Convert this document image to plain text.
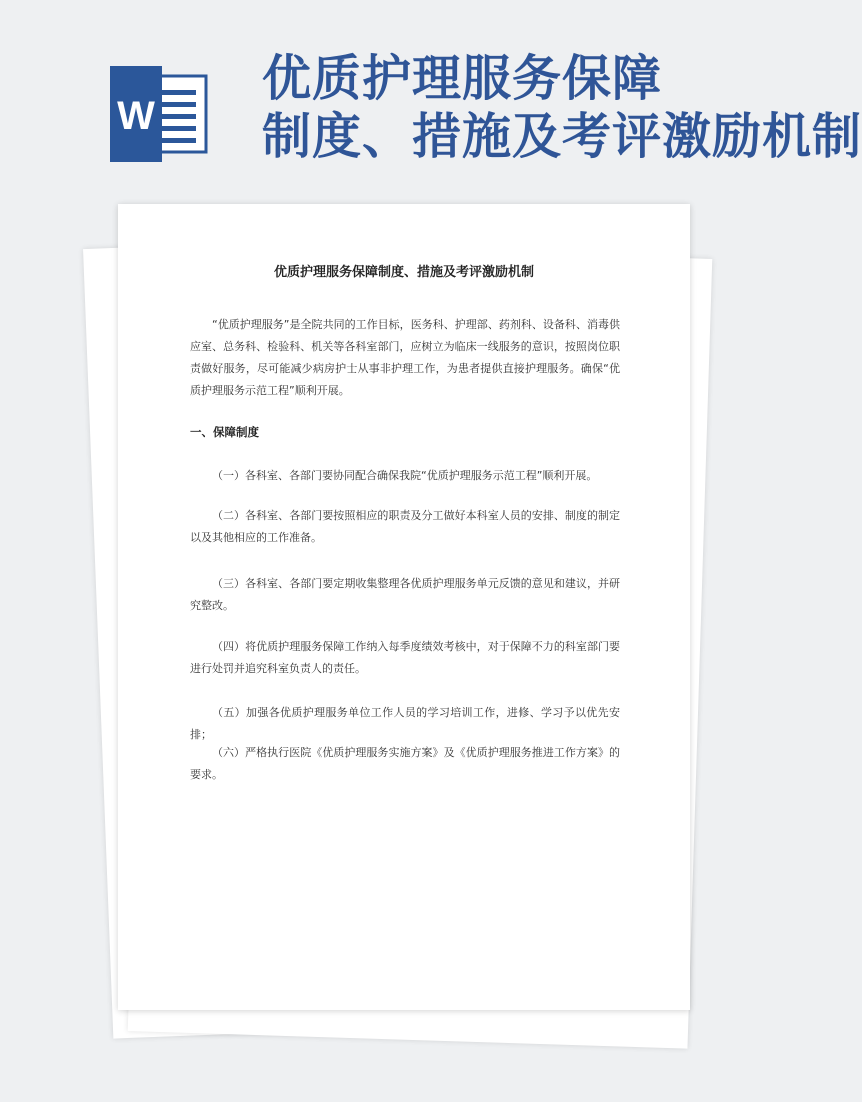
W
优质护理服务保障
制度、措施及考评激励机制
优质护理服务保障制度、措施及考评激励机制
“优质护理服务”是全院共同的工作目标，医务科、护理部、药剂科、设备科、消毒供应室、总务科、检验科、机关等各科室部门，应树立为临床一线服务的意识，按照岗位职责做好服务，尽可能减少病房护士从事非护理工作，为患者提供直接护理服务。确保“优质护理服务示范工程”顺利开展。
一、保障制度
（一）各科室、各部门要协同配合确保我院“优质护理服务示范工程”顺利开展。
（二）各科室、各部门要按照相应的职责及分工做好本科室人员的安排、制度的制定以及其他相应的工作准备。
（三）各科室、各部门要定期收集整理各优质护理服务单元反馈的意见和建议，并研究整改。
（四）将优质护理服务保障工作纳入每季度绩效考核中，对于保障不力的科室部门要进行处罚并追究科室负责人的责任。
（五）加强各优质护理服务单位工作人员的学习培训工作，进修、学习予以优先安排；
（六）严格执行医院《优质护理服务实施方案》及《优质护理服务推进工作方案》的要求。
